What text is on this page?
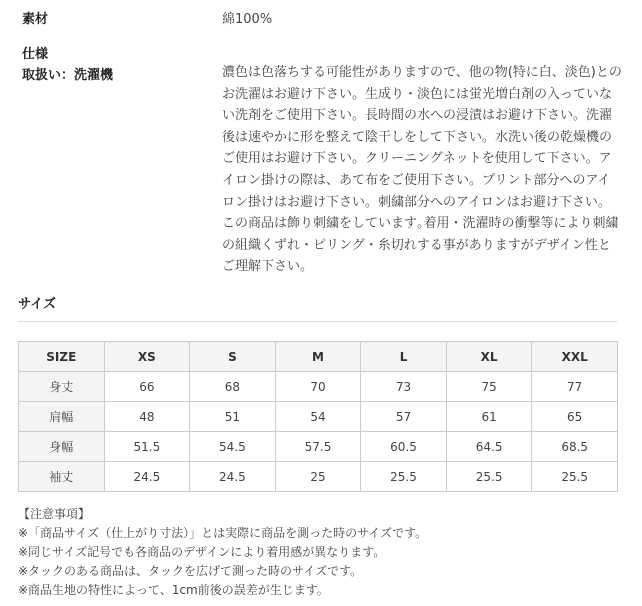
素材	綿100%
仕様
取扱い：洗濯機	濃色は色落ちする可能性がありますので、他の物(特に白、淡色)とのお洗濯はお避け下さい。生成り・淡色には蛍光増白剤の入っていない洗剤をご使用下さい。長時間の水への浸漬はお避け下さい。洗濯後は速やかに形を整えて陰干しをして下さい。水洗い後の乾燥機のご使用はお避け下さい。クリーニングネットを使用して下さい。アイロン掛けの際は、あて布をご使用下さい。プリント部分へのアイロン掛けはお避け下さい。刺繍部分へのアイロンはお避け下さい。この商品は飾り刺繍をしています｡着用・洗濯時の衝撃等により刺繍の組織くずれ・ピリング・糸切れする事がありますがデザイン性とご理解下さい。
サイズ
SIZE	XS	S	M	L	XL	XXL
身丈	66	68	70	73	75	77
肩幅	48	51	54	57	61	65
身幅	51.5	54.5	57.5	60.5	64.5	68.5
袖丈	24.5	24.5	25	25.5	25.5	25.5
【注意事項】
※「商品サイズ（仕上がり寸法）」とは実際に商品を測った時のサイズです。
※同じサイズ記号でも各商品のデザインにより着用感が異なります。
※タックのある商品は、タックを広げて測った時のサイズです。
※商品生地の特性によって、1cm前後の誤差が生じます。
